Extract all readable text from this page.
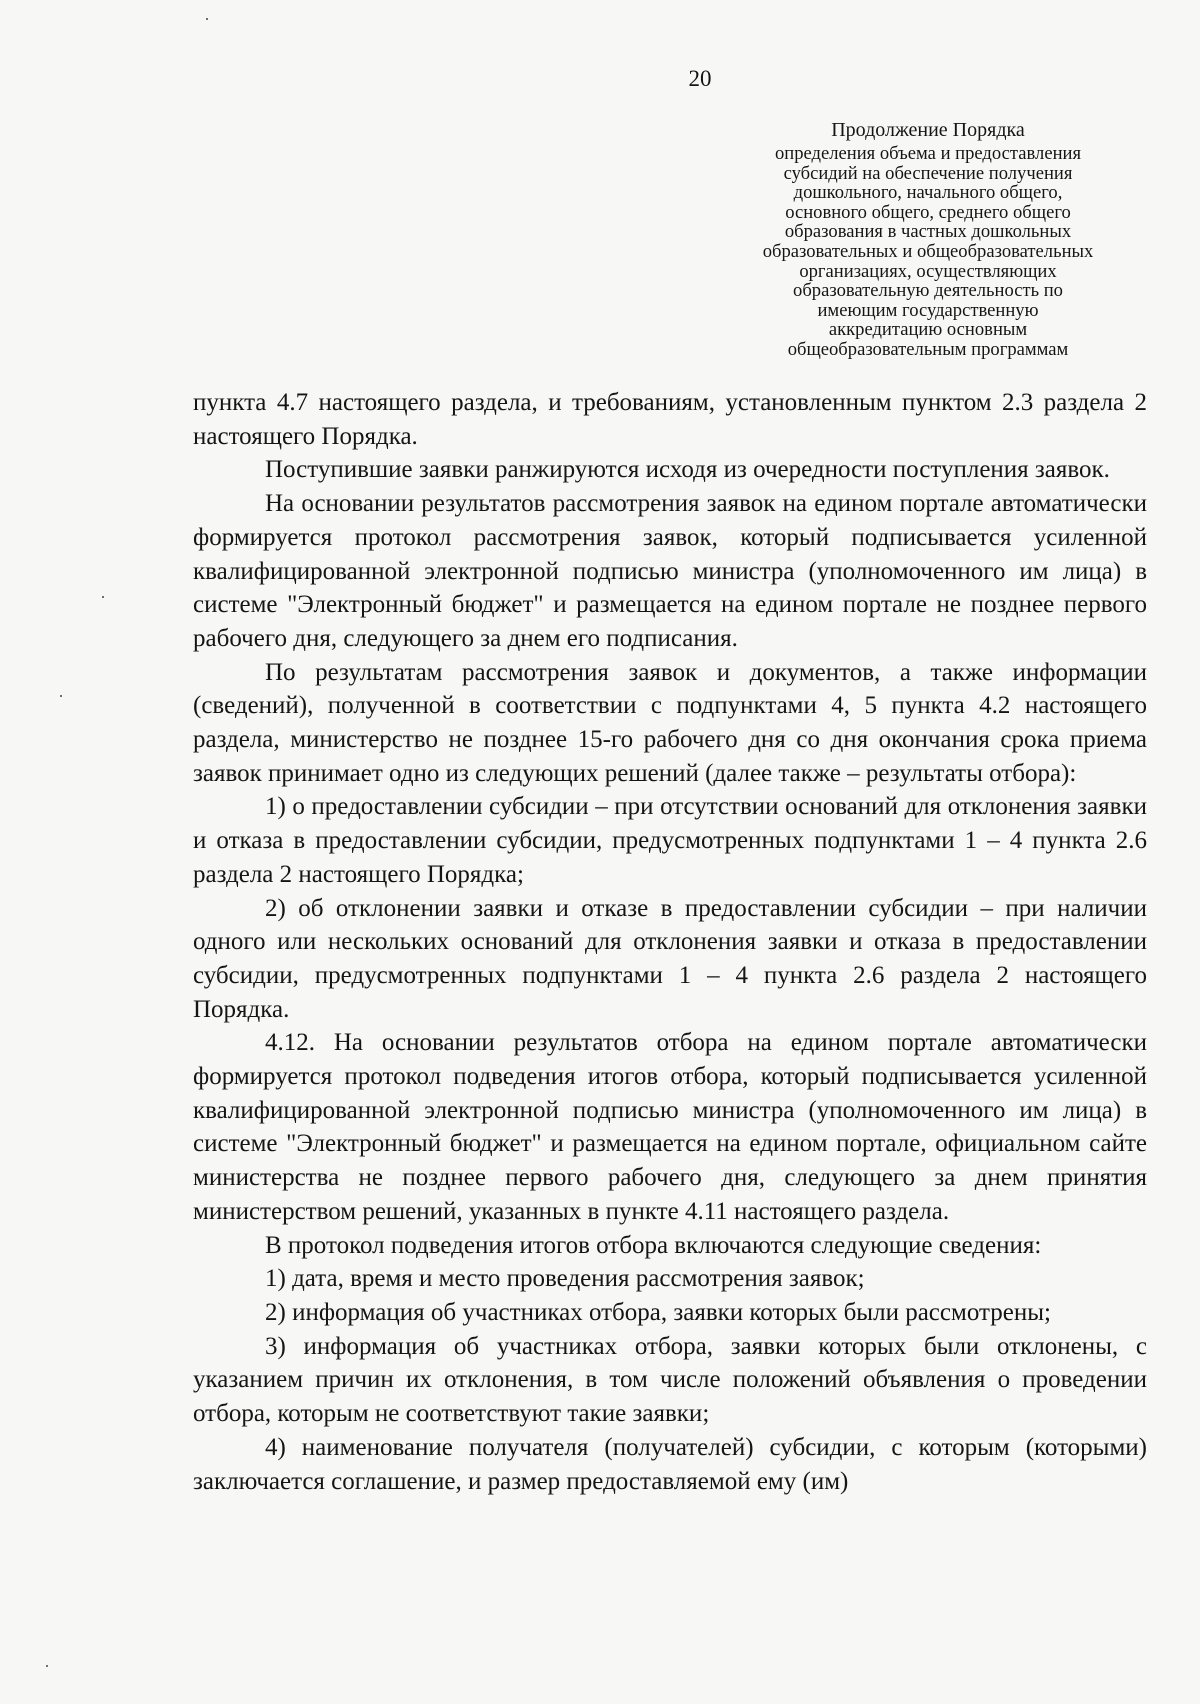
20
Продолжение Порядка
определения объема и предоставления
субсидий на обеспечение получения
дошкольного, начального общего,
основного общего, среднего общего
образования в частных дошкольных
образовательных и общеобразовательных
организациях, осуществляющих
образовательную деятельность по
имеющим государственную
аккредитацию основным
общеобразовательным программам

пункта 4.7 настоящего раздела, и требованиям, установленным пунктом 2.3 раздела 2 настоящего Порядка.

Поступившие заявки ранжируются исходя из очередности поступления заявок.

На основании результатов рассмотрения заявок на едином портале автоматически формируется протокол рассмотрения заявок, который подписывается усиленной квалифицированной электронной подписью министра (уполномоченного им лица) в системе "Электронный бюджет" и размещается на едином портале не позднее первого рабочего дня, следующего за днем его подписания.

По результатам рассмотрения заявок и документов, а также информации (сведений), полученной в соответствии с подпунктами 4, 5 пункта 4.2 настоящего раздела, министерство не позднее 15-го рабочего дня со дня окончания срока приема заявок принимает одно из следующих решений (далее также – результаты отбора):

1) о предоставлении субсидии – при отсутствии оснований для отклонения заявки и отказа в предоставлении субсидии, предусмотренных подпунктами 1 – 4 пункта 2.6 раздела 2 настоящего Порядка;

2) об отклонении заявки и отказе в предоставлении субсидии – при наличии одного или нескольких оснований для отклонения заявки и отказа в предоставлении субсидии, предусмотренных подпунктами 1 – 4 пункта 2.6 раздела 2 настоящего Порядка.

4.12. На основании результатов отбора на едином портале автоматически формируется протокол подведения итогов отбора, который подписывается усиленной квалифицированной электронной подписью министра (уполномоченного им лица) в системе "Электронный бюджет" и размещается на едином портале, официальном сайте министерства не позднее первого рабочего дня, следующего за днем принятия министерством решений, указанных в пункте 4.11 настоящего раздела.

В протокол подведения итогов отбора включаются следующие сведения:

1) дата, время и место проведения рассмотрения заявок;

2) информация об участниках отбора, заявки которых были рассмотрены;

3) информация об участниках отбора, заявки которых были отклонены, с указанием причин их отклонения, в том числе положений объявления о проведении отбора, которым не соответствуют такие заявки;

4) наименование получателя (получателей) субсидии, с которым (которыми) заключается соглашение, и размер предоставляемой ему (им)
